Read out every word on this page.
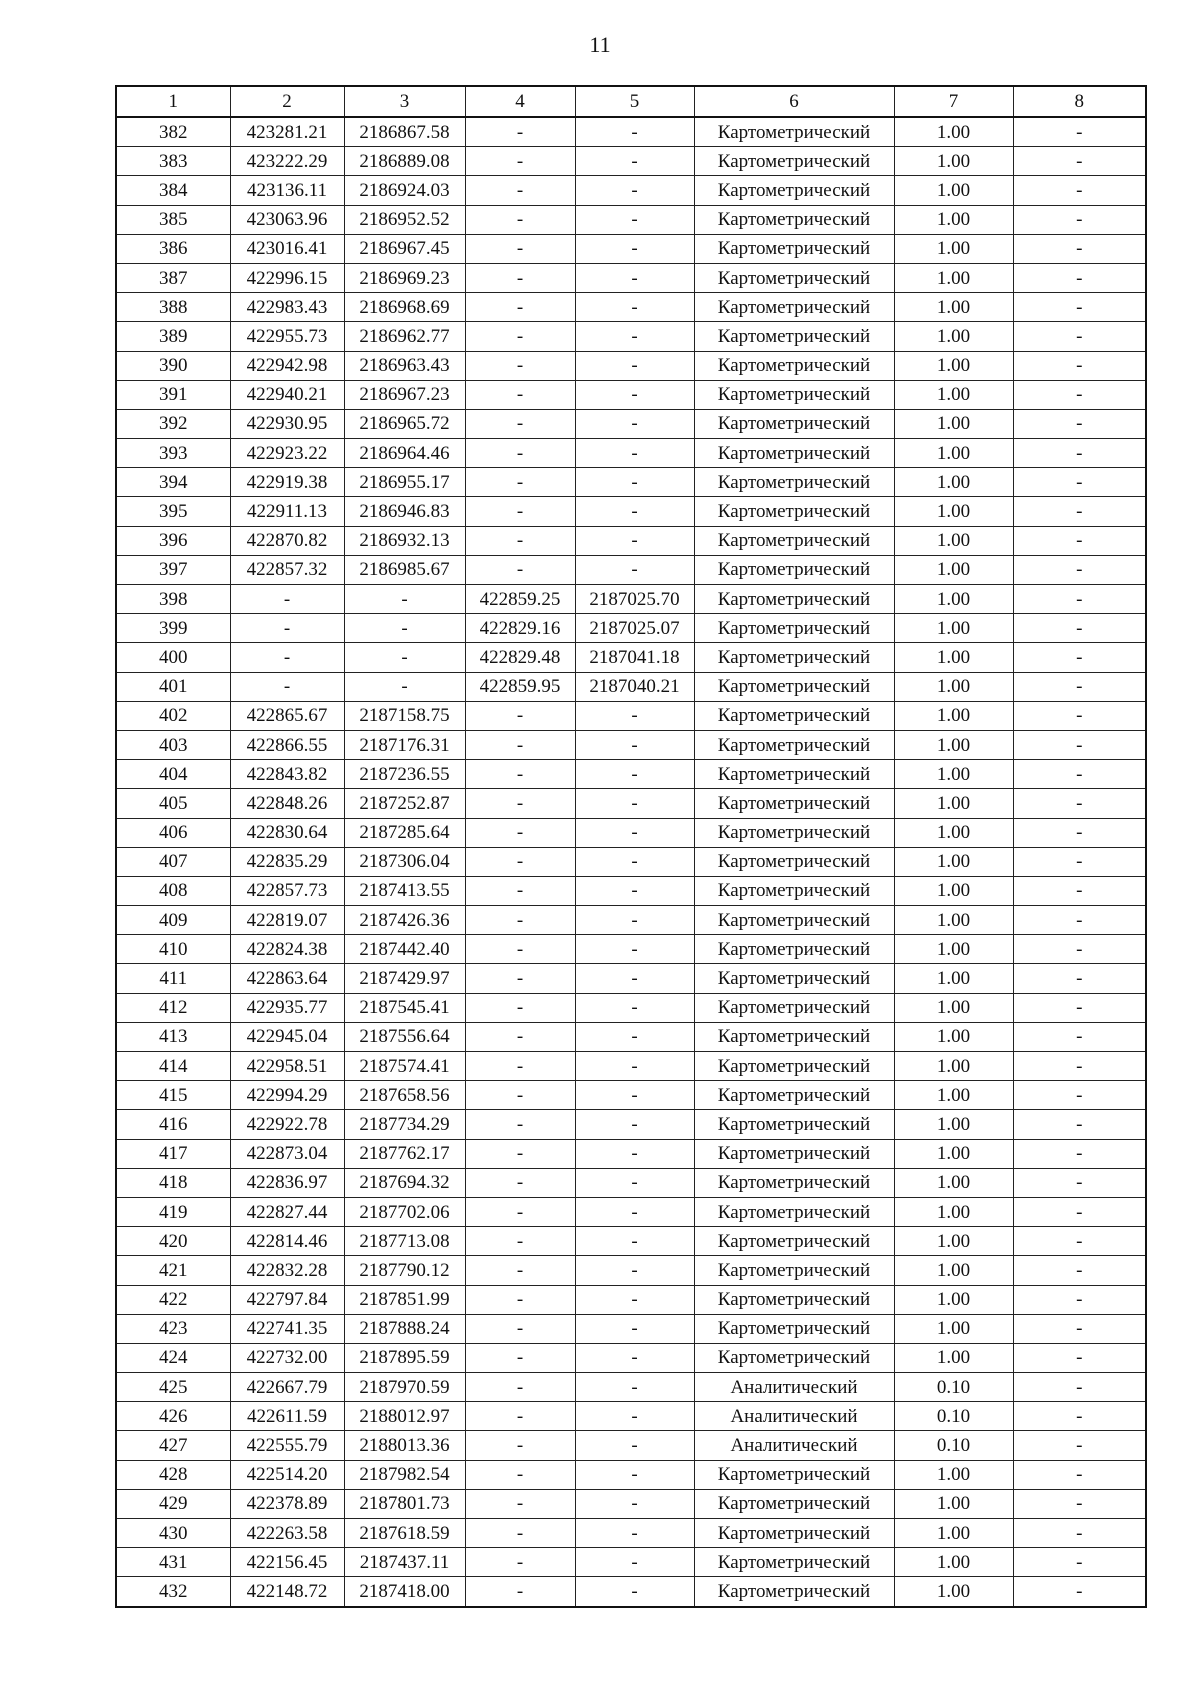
11
1	2	3	4	5	6	7	8
382	423281.21	2186867.58	-	-	Картометрический	1.00	-
383	423222.29	2186889.08	-	-	Картометрический	1.00	-
384	423136.11	2186924.03	-	-	Картометрический	1.00	-
385	423063.96	2186952.52	-	-	Картометрический	1.00	-
386	423016.41	2186967.45	-	-	Картометрический	1.00	-
387	422996.15	2186969.23	-	-	Картометрический	1.00	-
388	422983.43	2186968.69	-	-	Картометрический	1.00	-
389	422955.73	2186962.77	-	-	Картометрический	1.00	-
390	422942.98	2186963.43	-	-	Картометрический	1.00	-
391	422940.21	2186967.23	-	-	Картометрический	1.00	-
392	422930.95	2186965.72	-	-	Картометрический	1.00	-
393	422923.22	2186964.46	-	-	Картометрический	1.00	-
394	422919.38	2186955.17	-	-	Картометрический	1.00	-
395	422911.13	2186946.83	-	-	Картометрический	1.00	-
396	422870.82	2186932.13	-	-	Картометрический	1.00	-
397	422857.32	2186985.67	-	-	Картометрический	1.00	-
398	-	-	422859.25	2187025.70	Картометрический	1.00	-
399	-	-	422829.16	2187025.07	Картометрический	1.00	-
400	-	-	422829.48	2187041.18	Картометрический	1.00	-
401	-	-	422859.95	2187040.21	Картометрический	1.00	-
402	422865.67	2187158.75	-	-	Картометрический	1.00	-
403	422866.55	2187176.31	-	-	Картометрический	1.00	-
404	422843.82	2187236.55	-	-	Картометрический	1.00	-
405	422848.26	2187252.87	-	-	Картометрический	1.00	-
406	422830.64	2187285.64	-	-	Картометрический	1.00	-
407	422835.29	2187306.04	-	-	Картометрический	1.00	-
408	422857.73	2187413.55	-	-	Картометрический	1.00	-
409	422819.07	2187426.36	-	-	Картометрический	1.00	-
410	422824.38	2187442.40	-	-	Картометрический	1.00	-
411	422863.64	2187429.97	-	-	Картометрический	1.00	-
412	422935.77	2187545.41	-	-	Картометрический	1.00	-
413	422945.04	2187556.64	-	-	Картометрический	1.00	-
414	422958.51	2187574.41	-	-	Картометрический	1.00	-
415	422994.29	2187658.56	-	-	Картометрический	1.00	-
416	422922.78	2187734.29	-	-	Картометрический	1.00	-
417	422873.04	2187762.17	-	-	Картометрический	1.00	-
418	422836.97	2187694.32	-	-	Картометрический	1.00	-
419	422827.44	2187702.06	-	-	Картометрический	1.00	-
420	422814.46	2187713.08	-	-	Картометрический	1.00	-
421	422832.28	2187790.12	-	-	Картометрический	1.00	-
422	422797.84	2187851.99	-	-	Картометрический	1.00	-
423	422741.35	2187888.24	-	-	Картометрический	1.00	-
424	422732.00	2187895.59	-	-	Картометрический	1.00	-
425	422667.79	2187970.59	-	-	Аналитический	0.10	-
426	422611.59	2188012.97	-	-	Аналитический	0.10	-
427	422555.79	2188013.36	-	-	Аналитический	0.10	-
428	422514.20	2187982.54	-	-	Картометрический	1.00	-
429	422378.89	2187801.73	-	-	Картометрический	1.00	-
430	422263.58	2187618.59	-	-	Картометрический	1.00	-
431	422156.45	2187437.11	-	-	Картометрический	1.00	-
432	422148.72	2187418.00	-	-	Картометрический	1.00	-
